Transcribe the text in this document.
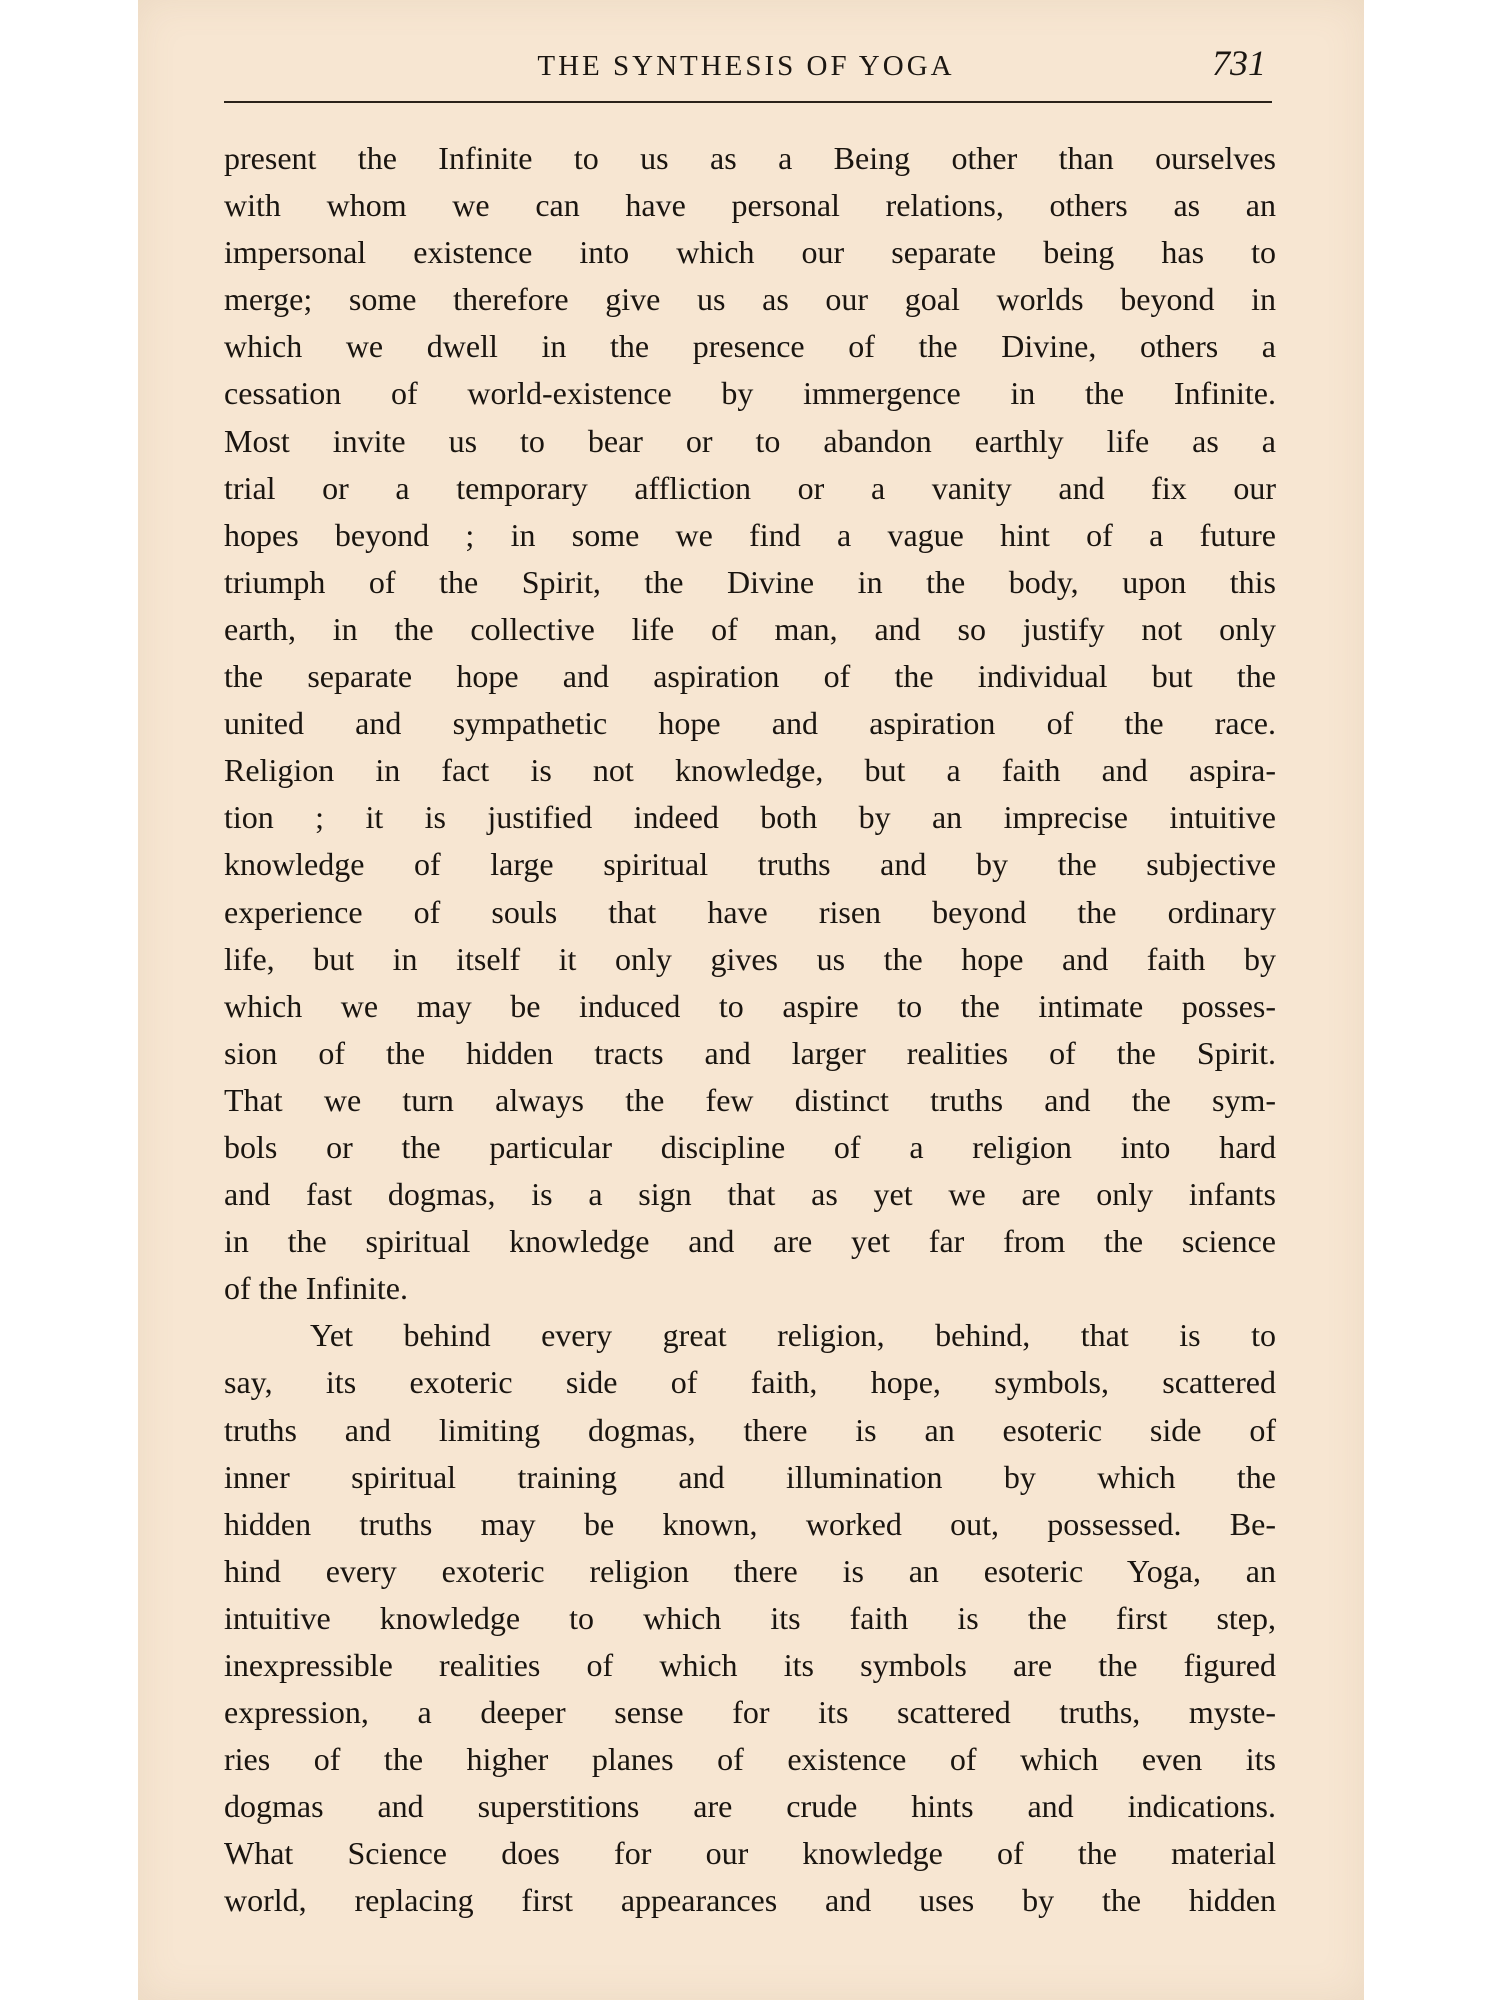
THE SYNTHESIS OF YOGA	731
present the Infinite to us as a Being other than ourselves
with whom we can have personal relations, others as an
impersonal existence into which our separate being has to
merge; some therefore give us as our goal worlds beyond in
which we dwell in the presence of the Divine, others a
cessation of world-existence by immergence in the Infinite.
Most invite us to bear or to abandon earthly life as a
trial or a temporary affliction or a vanity and fix our
hopes beyond ; in some we find a vague hint of a future
triumph of the Spirit, the Divine in the body, upon this
earth, in the collective life of man, and so justify not only
the separate hope and aspiration of the individual but the
united and sympathetic hope and aspiration of the race.
Religion in fact is not knowledge, but a faith and aspira-
tion ; it is justified indeed both by an imprecise intuitive
knowledge of large spiritual truths and by the subjective
experience of souls that have risen beyond the ordinary
life, but in itself it only gives us the hope and faith by
which we may be induced to aspire to the intimate posses-
sion of the hidden tracts and larger realities of the Spirit.
That we turn always the few distinct truths and the sym-
bols or the particular discipline of a religion into hard
and fast dogmas, is a sign that as yet we are only infants
in the spiritual knowledge and are yet far from the science
of the Infinite.
Yet behind every great religion, behind, that is to
say, its exoteric side of faith, hope, symbols, scattered
truths and limiting dogmas, there is an esoteric side of
inner spiritual training and illumination by which the
hidden truths may be known, worked out, possessed. Be-
hind every exoteric religion there is an esoteric Yoga, an
intuitive knowledge to which its faith is the first step,
inexpressible realities of which its symbols are the figured
expression, a deeper sense for its scattered truths, myste-
ries of the higher planes of existence of which even its
dogmas and superstitions are crude hints and indications.
What Science does for our knowledge of the material
world, replacing first appearances and uses by the hidden
